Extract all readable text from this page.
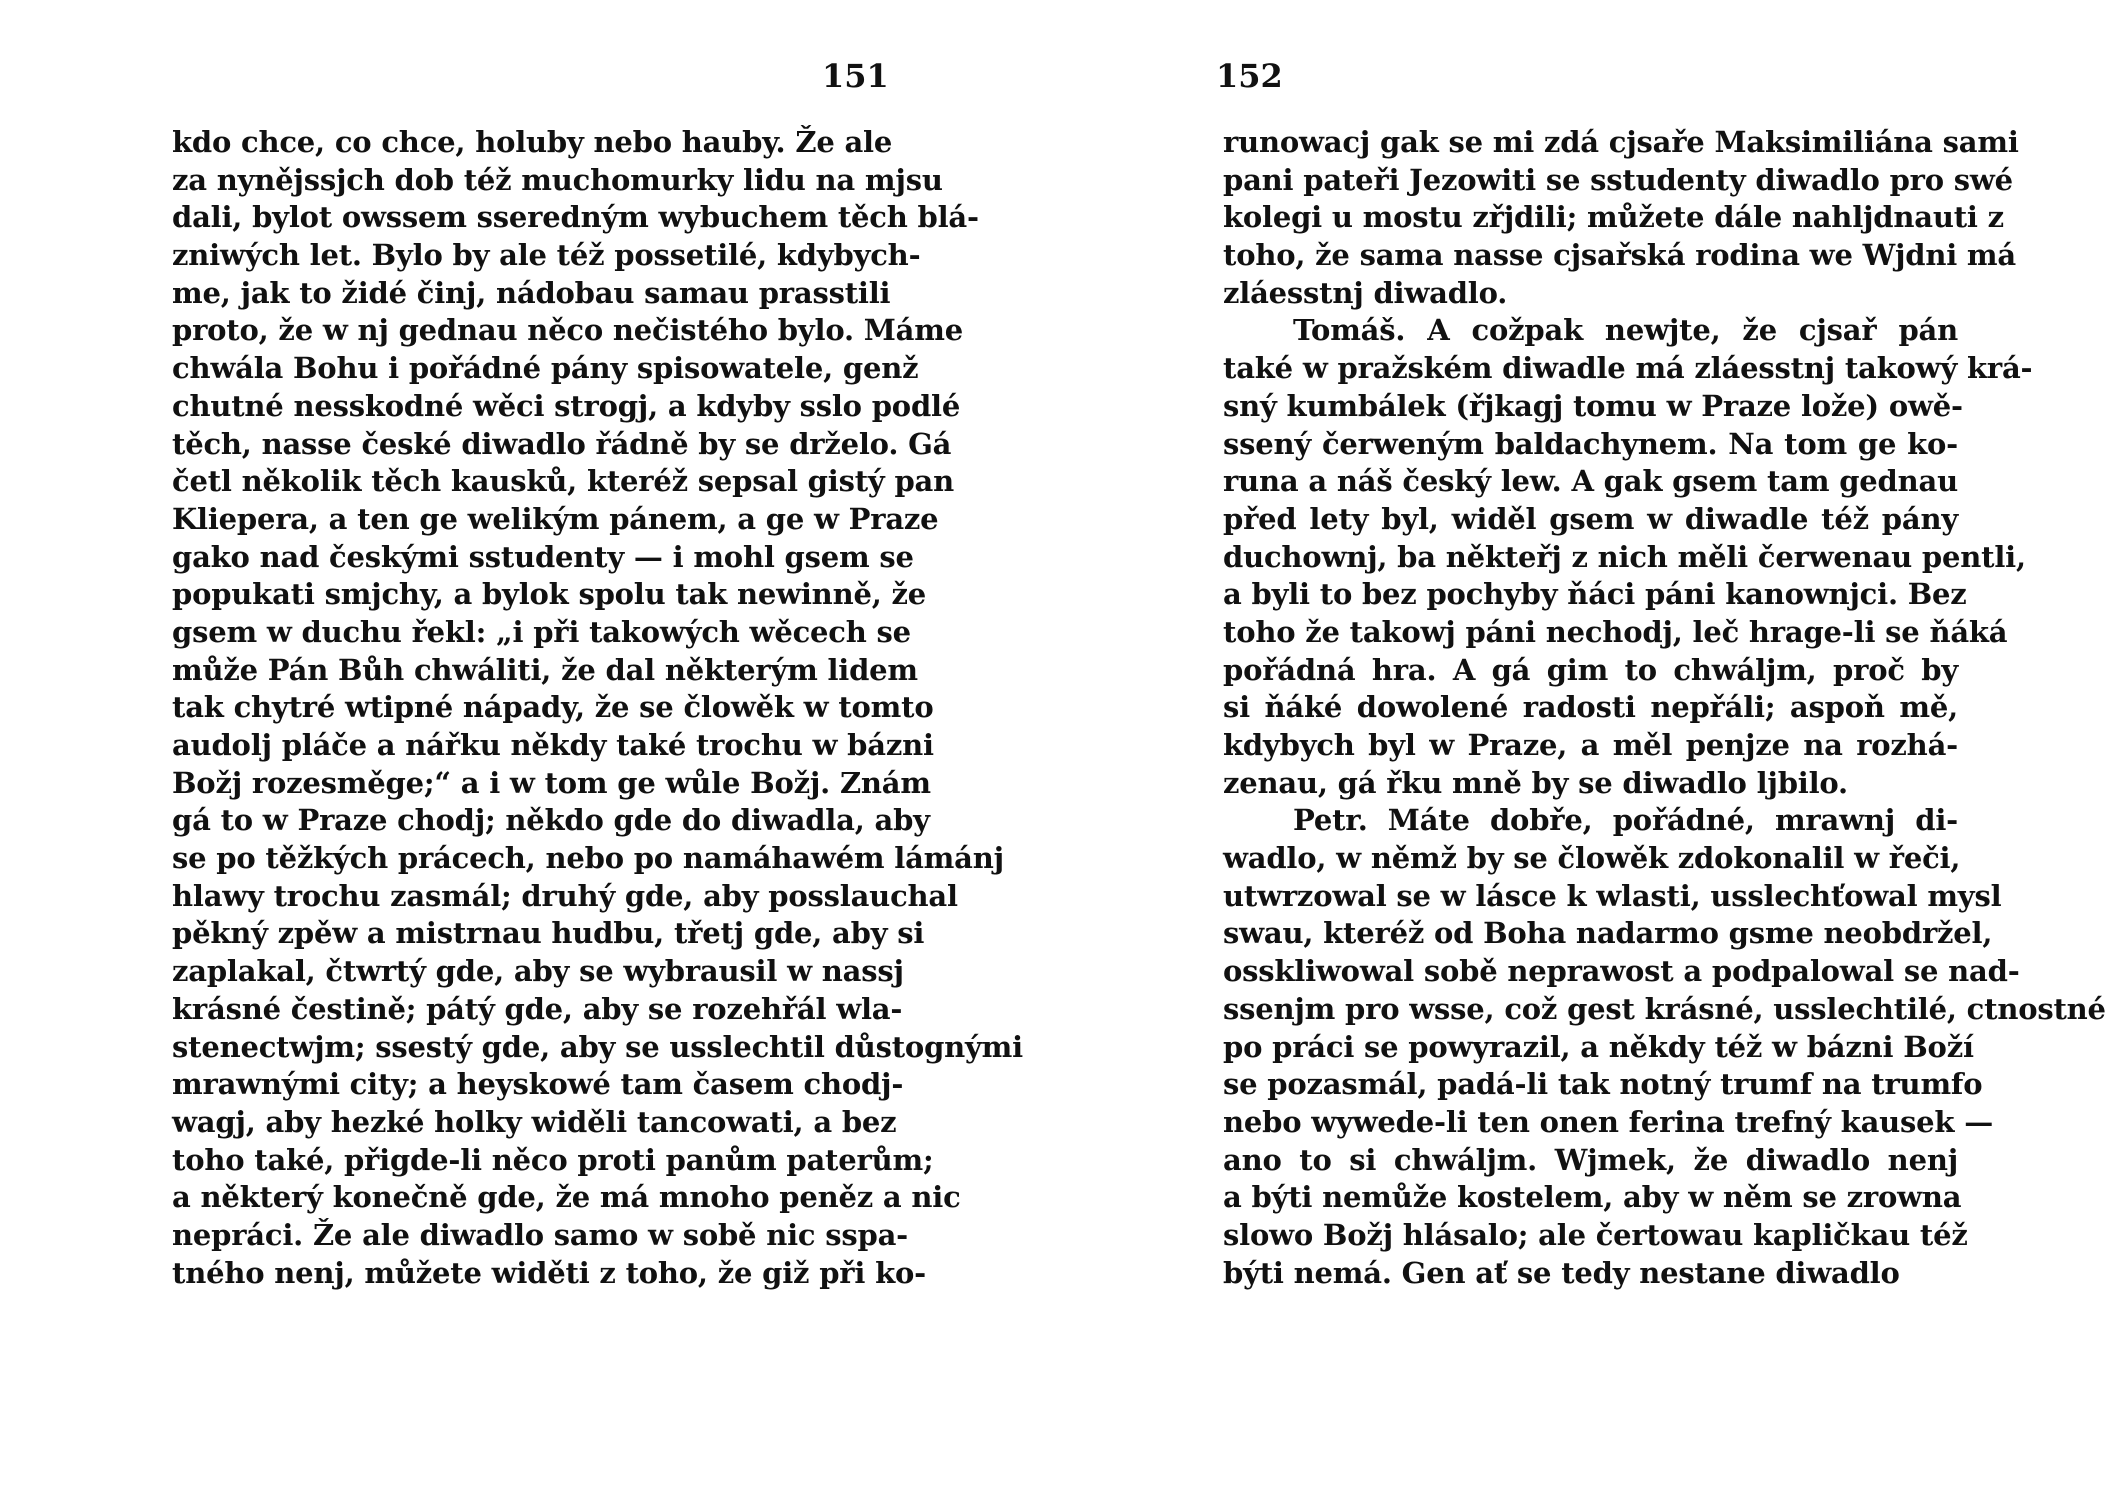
151
kdo chce, co chce, holuby nebo hauby. Že ale
za nynějssjch dob též muchomurky lidu na mjsu
dali, bylot owssem sseredným wybuchem těch blá-
zniwých let. Bylo by ale též possetilé, kdybych-
me, jak to židé činj, nádobau samau prasstili
proto, že w nj gednau něco nečistého bylo. Máme
chwála Bohu i pořádné pány spisowatele, genž
chutné nesskodné wěci strogj, a kdyby sslo podlé
těch, nasse české diwadlo řádně by se drželo. Gá
četl několik těch kausků, kteréž sepsal gistý pan
Kliepera, a ten ge welikým pánem, a ge w Praze
gako nad českými sstudenty — i mohl gsem se
popukati smjchy, a bylok spolu tak newinně, že
gsem w duchu řekl: „i při takowých wěcech se
může Pán Bůh chwáliti, že dal některým lidem
tak chytré wtipné nápady, že se člowěk w tomto
audolj pláče a nářku někdy také trochu w bázni
Božj rozesměge;“ a i w tom ge wůle Božj. Znám
gá to w Praze chodj; někdo gde do diwadla, aby
se po těžkých prácech, nebo po namáhawém lámánj
hlawy trochu zasmál; druhý gde, aby posslauchal
pěkný zpěw a mistrnau hudbu, třetj gde, aby si
zaplakal, čtwrtý gde, aby se wybrausil w nassj
krásné čestině; pátý gde, aby se rozehřál wla-
stenectwjm; ssestý gde, aby se usslechtil důstognými
mrawnými city; a heyskowé tam časem chodj-
wagj, aby hezké holky widěli tancowati, a bez
toho také, přigde-li něco proti panům paterům;
a některý konečně gde, že má mnoho peněz a nic
nepráci. Že ale diwadlo samo w sobě nic sspa-
tného nenj, můžete widěti z toho, že giž při ko-
152
runowacj gak se mi zdá cjsaře Maksimiliána sami
pani pateři Jezowiti se sstudenty diwadlo pro swé
kolegi u mostu zřjdili; můžete dále nahljdnauti z
toho, že sama nasse cjsařská rodina we Wjdni má
zláesstnj diwadlo.
Tomáš. A cožpak newjte, že cjsař pán
také w pražském diwadle má zláesstnj takowý krá-
sný kumbálek (řjkagj tomu w Praze lože) owě-
ssený čerweným baldachynem. Na tom ge ko-
runa a náš český lew. A gak gsem tam gednau
před lety byl, widěl gsem w diwadle též pány
duchownj, ba někteřj z nich měli čerwenau pentli,
a byli to bez pochyby ňáci páni kanownjci. Bez
toho že takowj páni nechodj, leč hrage-li se ňáká
pořádná hra. A gá gim to chwáljm, proč by
si ňáké dowolené radosti nepřáli; aspoň mě,
kdybych byl w Praze, a měl penjze na rozhá-
zenau, gá řku mně by se diwadlo ljbilo.
Petr. Máte dobře, pořádné, mrawnj di-
wadlo, w němž by se člowěk zdokonalil w řeči,
utwrzowal se w lásce k wlasti, usslechťowal mysl
swau, kteréž od Boha nadarmo gsme neobdržel,
osskliwowal sobě neprawost a podpalowal se nad-
ssenjm pro wsse, což gest krásné, usslechtilé, ctnostné
po práci se powyrazil, a někdy též w bázni Boží
se pozasmál, padá-li tak notný trumf na trumfo
nebo wywede-li ten onen ferina trefný kausek —
ano to si chwáljm. Wjmek, že diwadlo nenj
a býti nemůže kostelem, aby w něm se zrowna
slowo Božj hlásalo; ale čertowau kapličkau též
býti nemá. Gen ať se tedy nestane diwadlo
